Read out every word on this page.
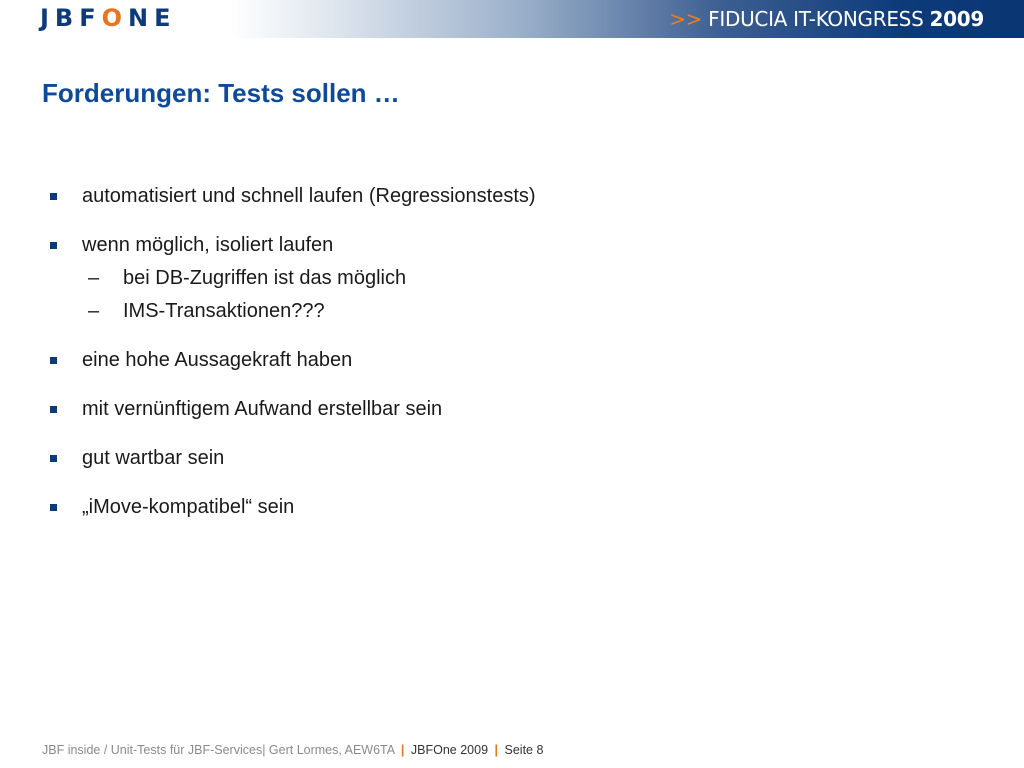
JBFONE	>> FIDUCIA IT-KONGRESS 2009
Forderungen: Tests sollen …
automatisiert und schnell laufen (Regressionstests)
wenn möglich, isoliert laufen
–	bei DB-Zugriffen ist das möglich
–	IMS-Transaktionen???
eine hohe Aussagekraft haben
mit vernünftigem Aufwand erstellbar sein
gut wartbar sein
„iMove-kompatibel“ sein
JBF inside / Unit-Tests für JBF-Services| Gert Lormes, AEW6TA | JBFOne 2009 | Seite 8
